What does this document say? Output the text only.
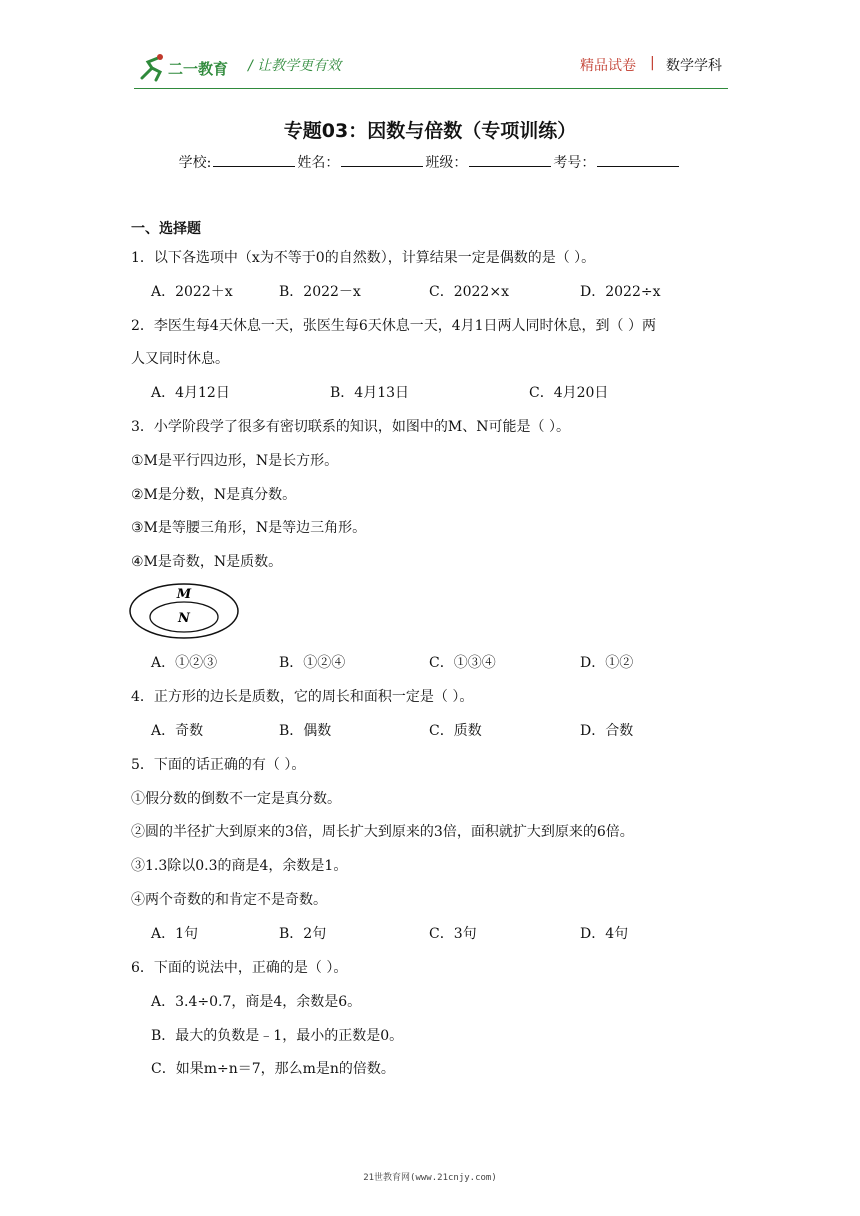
二一教育 / 让教学更有效	精品试卷 | 数学学科
专题03：因数与倍数（专项训练）
学校:	姓名：	班级：	考号：
一、选择题
1．以下各选项中（x为不等于0的自然数），计算结果一定是偶数的是（ ）。
A．2022＋x	B．2022－x	C．2022×x	D．2022÷x
2．李医生每4天休息一天，张医生每6天休息一天，4月1日两人同时休息，到（ ）两
人又同时休息。
A．4月12日	B．4月13日	C．4月20日
3．小学阶段学了很多有密切联系的知识，如图中的M、N可能是（ ）。
①M是平行四边形，N是长方形。
②M是分数，N是真分数。
③M是等腰三角形，N是等边三角形。
④M是奇数，N是质数。
M
N
A．①②③	B．①②④	C．①③④	D．①②
4．正方形的边长是质数，它的周长和面积一定是（ ）。
A．奇数	B．偶数	C．质数	D．合数
5．下面的话正确的有（ ）。
①假分数的倒数不一定是真分数。
②圆的半径扩大到原来的3倍，周长扩大到原来的3倍，面积就扩大到原来的6倍。
③1.3除以0.3的商是4，余数是1。
④两个奇数的和肯定不是奇数。
A．1句	B．2句	C．3句	D．4句
6．下面的说法中，正确的是（ ）。
A．3.4÷0.7，商是4，余数是6。
B．最大的负数是﹣1，最小的正数是0。
C．如果m÷n＝7，那么m是n的倍数。
21世教育网(www.21cnjy.com)
